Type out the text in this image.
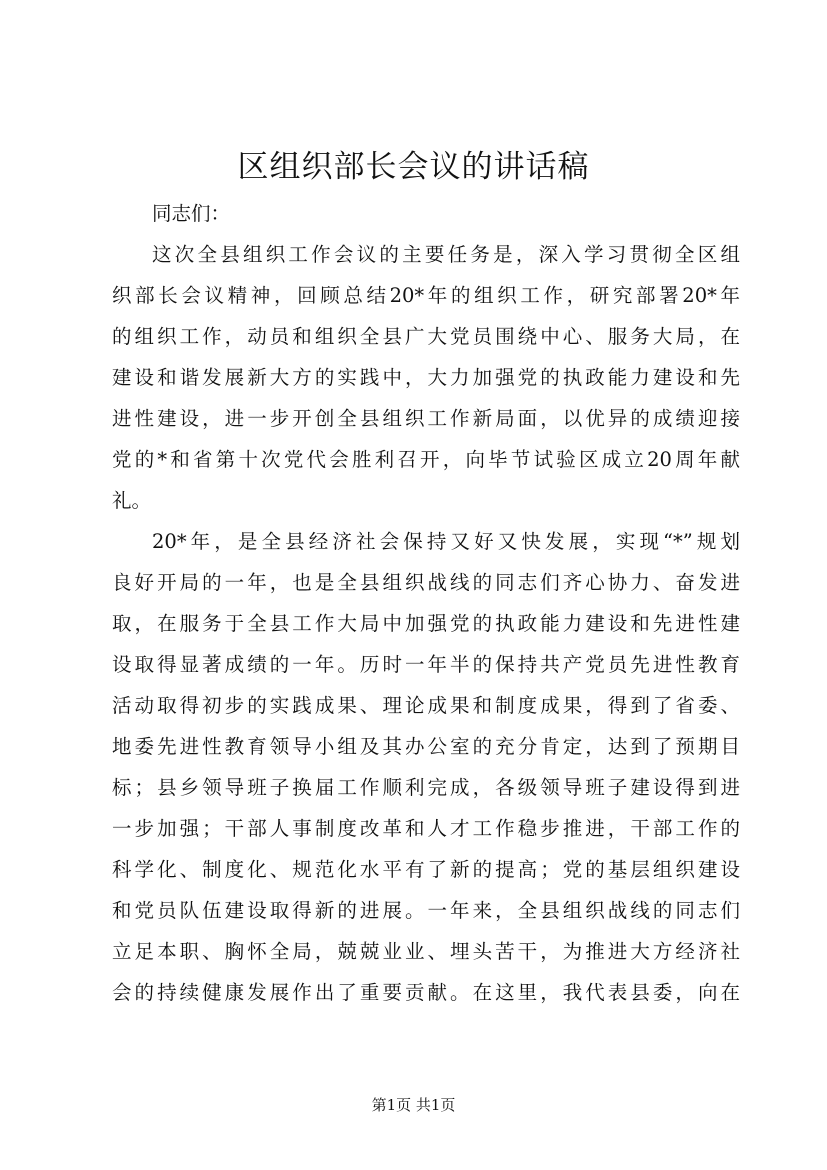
区组织部长会议的讲话稿

同志们：

这次全县组织工作会议的主要任务是，深入学习贯彻全区组
织部长会议精神，回顾总结20*年的组织工作，研究部署20*年
的组织工作，动员和组织全县广大党员围绕中心、服务大局，在
建设和谐发展新大方的实践中，大力加强党的执政能力建设和先
进性建设，进一步开创全县组织工作新局面，以优异的成绩迎接
党的*和省第十次党代会胜利召开，向毕节试验区成立20周年献
礼。

20*年，是全县经济社会保持又好又快发展，实现“*”规划
良好开局的一年，也是全县组织战线的同志们齐心协力、奋发进
取，在服务于全县工作大局中加强党的执政能力建设和先进性建
设取得显著成绩的一年。历时一年半的保持共产党员先进性教育
活动取得初步的实践成果、理论成果和制度成果，得到了省委、
地委先进性教育领导小组及其办公室的充分肯定，达到了预期目
标；县乡领导班子换届工作顺利完成，各级领导班子建设得到进
一步加强；干部人事制度改革和人才工作稳步推进，干部工作的
科学化、制度化、规范化水平有了新的提高；党的基层组织建设
和党员队伍建设取得新的进展。一年来，全县组织战线的同志们
立足本职、胸怀全局，兢兢业业、埋头苦干，为推进大方经济社
会的持续健康发展作出了重要贡献。在这里，我代表县委，向在

第1页 共1页
